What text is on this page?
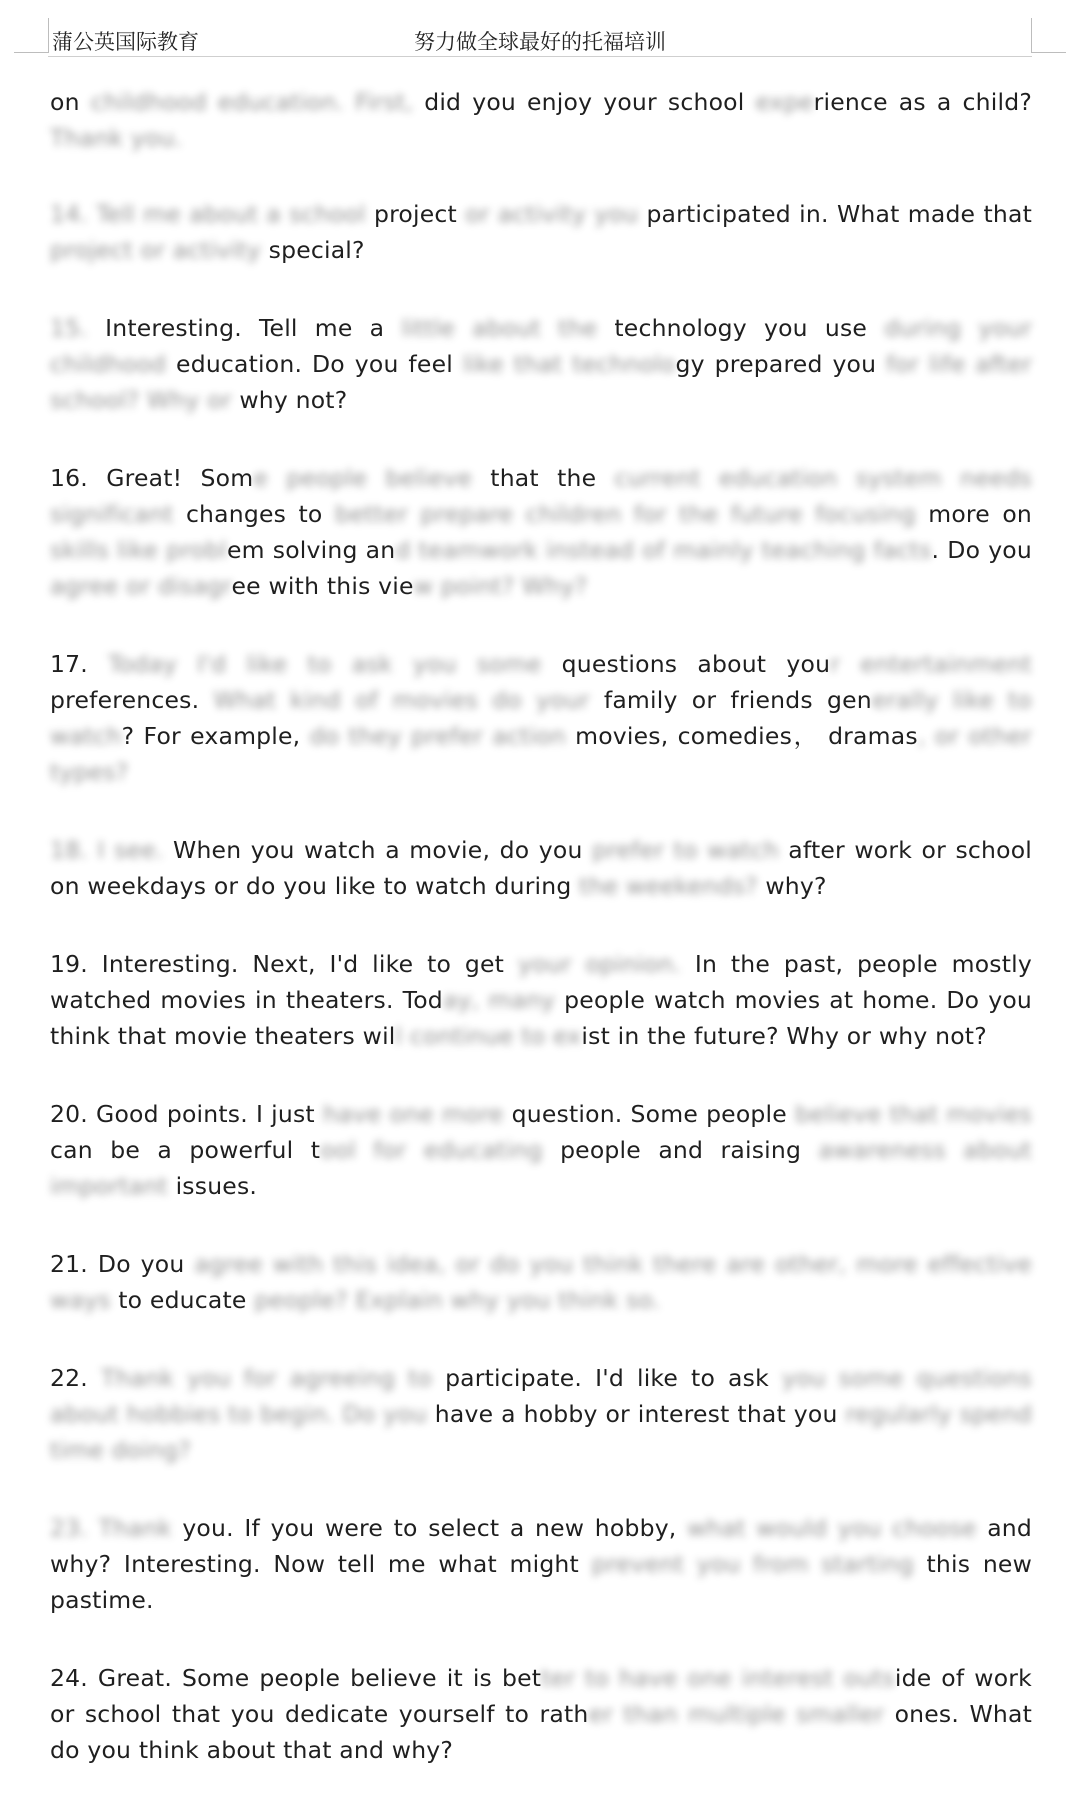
蒲公英国际教育	努力做全球最好的托福培训

on childhood education. First, did you enjoy your school experience as a child? Thank you.

14. Tell me about a school project or activity you participated in. What made that project or activity special?

15. Interesting. Tell me a little about the technology you use during your childhood education. Do you feel like that technology prepared you for life after school? Why or why not?

16. Great! Some people believe that the current education system needs significant changes to better prepare children for the future focusing more on skills like problem solving and teamwork instead of mainly teaching facts. Do you agree or disagree with this view point? Why?

17. Today I'd like to ask you some questions about your entertainment preferences. What kind of movies do your family or friends generally like to watch? For example, do they prefer action movies, comedies， dramas, or other types?

18. I see. When you watch a movie, do you prefer to watch after work or school on weekdays or do you like to watch during the weekends? why?

19. Interesting. Next, I'd like to get your opinion. In the past, people mostly watched movies in theaters. Today, many people watch movies at home. Do you think that movie theaters will continue to exist in the future? Why or why not?

20. Good points. I just have one more question. Some people believe that movies can be a powerful tool for educating people and raising awareness about important issues.

21. Do you agree with this idea, or do you think there are other, more effective ways to educate people? Explain why you think so.

22. Thank you for agreeing to participate. I'd like to ask you some questions about hobbies to begin. Do you have a hobby or interest that you regularly spend time doing?

23. Thank you. If you were to select a new hobby, what would you choose and why? Interesting. Now tell me what might prevent you from starting this new pastime.

24. Great. Some people believe it is better to have one interest outside of work or school that you dedicate yourself to rather than multiple smaller ones. What do you think about that and why?
